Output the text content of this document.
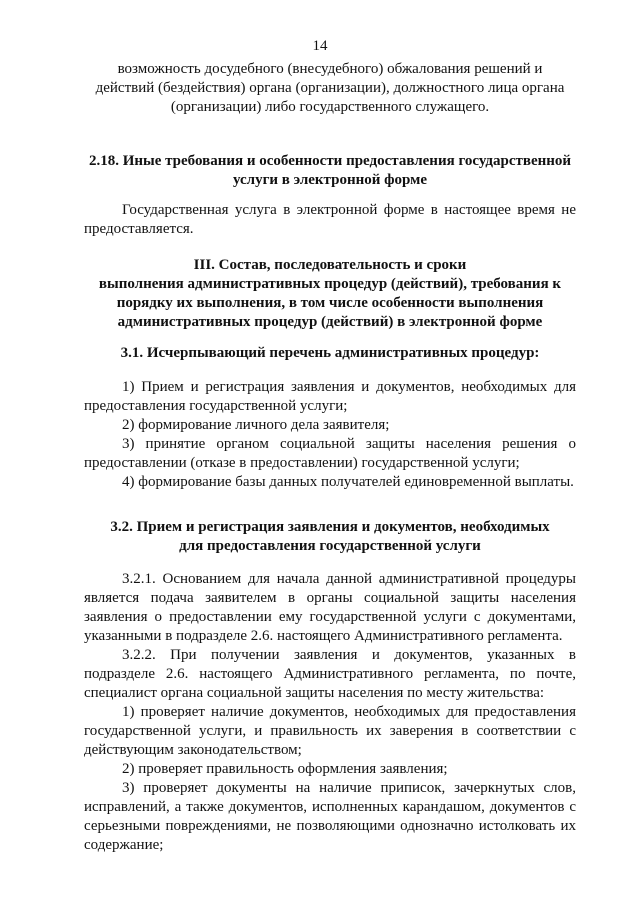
14
возможность досудебного (внесудебного) обжалования решений и
действий (бездействия) органа (организации), должностного лица органа
(организации) либо государственного служащего.
2.18. Иные требования и особенности предоставления государственной
услуги в электронной форме
Государственная услуга в электронной форме в настоящее время не предоставляется.
III. Состав, последовательность и сроки
выполнения административных процедур (действий), требования к
порядку их выполнения, в том числе особенности выполнения
административных процедур (действий) в электронной форме
3.1. Исчерпывающий перечень административных процедур:
1) Прием и регистрация заявления и документов, необходимых для предоставления государственной услуги;
2) формирование личного дела заявителя;
3) принятие органом социальной защиты населения решения о предоставлении (отказе в предоставлении) государственной услуги;
4) формирование базы данных получателей единовременной выплаты.
3.2. Прием и регистрация заявления и документов, необходимых
для предоставления государственной услуги
3.2.1. Основанием для начала данной административной процедуры является подача заявителем в органы социальной защиты населения заявления о предоставлении ему государственной услуги с документами, указанными в подразделе 2.6. настоящего Административного регламента.
3.2.2. При получении заявления и документов, указанных в подразделе 2.6. настоящего Административного регламента, по почте, специалист органа социальной защиты населения по месту жительства:
1) проверяет наличие документов, необходимых для предоставления государственной услуги, и правильность их заверения в соответствии с действующим законодательством;
2) проверяет правильность оформления заявления;
3) проверяет документы на наличие приписок, зачеркнутых слов, исправлений, а также документов, исполненных карандашом, документов с серьезными повреждениями, не позволяющими однозначно истолковать их содержание;
